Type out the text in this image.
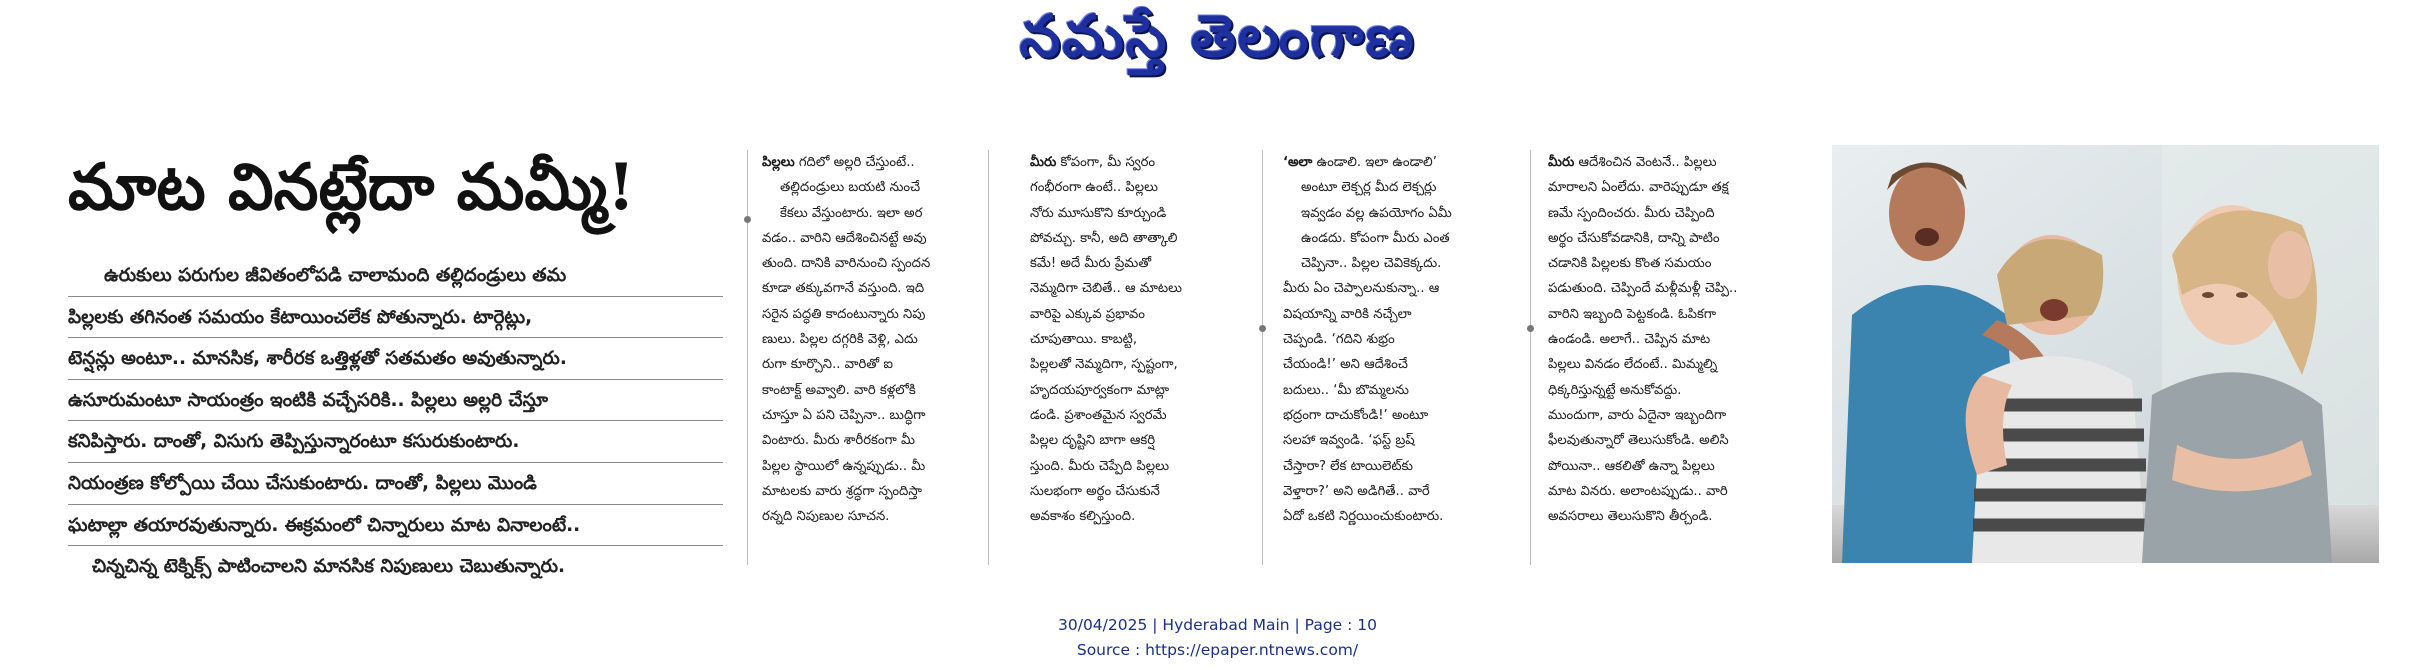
నమస్తే తెలంగాణ
మాట వినట్లేదా మమ్మీ!
ఉరుకులు పరుగుల జీవితంలోపడి చాలామంది తల్లిదండ్రులు తమ
పిల్లలకు తగినంత సమయం కేటాయించలేక పోతున్నారు. టార్గెట్లు,
టెన్షన్లు అంటూ.. మానసిక, శారీరక ఒత్తిళ్లతో సతమతం అవుతున్నారు.
ఉసూరుమంటూ సాయంత్రం ఇంటికి వచ్చేసరికి.. పిల్లలు అల్లరి చేస్తూ
కనిపిస్తారు. దాంతో, విసుగు తెప్పిస్తున్నారంటూ కసురుకుంటారు.
నియంత్రణ కోల్పోయి చేయి చేసుకుంటారు. దాంతో, పిల్లలు మొండి
ఘటాల్లా తయారవుతున్నారు. ఈక్రమంలో చిన్నారులు మాట వినాలంటే..
చిన్నచిన్న టెక్నిక్స్ పాటించాలని మానసిక నిపుణులు చెబుతున్నారు.
పిల్లలు గదిలో అల్లరి చేస్తుంటే..
తల్లిదండ్రులు బయటి నుంచే
కేకలు వేస్తుంటారు. ఇలా అర
వడం.. వారిని ఆదేశించినట్టే అవు
తుంది. దానికి వారినుంచి స్పందన
కూడా తక్కువగానే వస్తుంది. ఇది
సరైన పద్ధతి కాదంటున్నారు నిపు
ణులు. పిల్లల దగ్గరికి వెళ్లి, ఎదు
రుగా కూర్చొని.. వారితో ఐ
కాంటాక్ట్ అవ్వాలి. వారి కళ్లలోకి
చూస్తూ ఏ పని చెప్పినా.. బుద్ధిగా
వింటారు. మీరు శారీరకంగా మీ
పిల్లల స్థాయిలో ఉన్నప్పుడు.. మీ
మాటలకు వారు శ్రద్ధగా స్పందిస్తా
రన్నది నిపుణుల సూచన.
మీరు కోపంగా, మీ స్వరం
గంభీరంగా ఉంటే.. పిల్లలు
నోరు మూసుకొని కూర్చుండి
పోవచ్చు. కానీ, అది తాత్కాలి
కమే! అదే మీరు ప్రేమతో
నెమ్మదిగా చెబితే.. ఆ మాటలు
వారిపై ఎక్కువ ప్రభావం
చూపుతాయి. కాబట్టి,
పిల్లలతో నెమ్మదిగా, స్పష్టంగా,
హృదయపూర్వకంగా మాట్లా
డండి. ప్రశాంతమైన స్వరమే
పిల్లల దృష్టిని బాగా ఆకర్షి
స్తుంది. మీరు చెప్పేది పిల్లలు
సులభంగా అర్థం చేసుకునే
అవకాశం కల్పిస్తుంది.
‘అలా ఉండాలి. ఇలా ఉండాలి’
అంటూ లెక్చర్ల మీద లెక్చర్లు
ఇవ్వడం వల్ల ఉపయోగం ఏమీ
ఉండదు. కోపంగా మీరు ఎంత
చెప్పినా.. పిల్లల చెవికెక్కదు.
మీరు ఏం చెప్పాలనుకున్నా.. ఆ
విషయాన్ని వారికి నచ్చేలా
చెప్పండి. ‘గదిని శుభ్రం
చేయండి!’ అని ఆదేశించే
బదులు.. ‘మీ బొమ్మలను
భద్రంగా దాచుకోండి!’ అంటూ
సలహా ఇవ్వండి. ‘ఫస్ట్ బ్రష్
చేస్తారా? లేక టాయిలెట్‌కు
వెళ్తారా?’ అని అడిగితే.. వారే
ఏదో ఒకటి నిర్ణయించుకుంటారు.
మీరు ఆదేశించిన వెంటనే.. పిల్లలు
మారాలని ఏంలేదు. వారెప్పుడూ తక్ష
ణమే స్పందించరు. మీరు చెప్పింది
అర్థం చేసుకోవడానికి, దాన్ని పాటిం
చడానికి పిల్లలకు కొంత సమయం
పడుతుంది. చెప్పిందే మళ్లీమళ్లీ చెప్పి..
వారిని ఇబ్బంది పెట్టకండి. ఓపికగా
ఉండండి. అలాగే.. చెప్పిన మాట
పిల్లలు వినడం లేదంటే.. మిమ్మల్ని
ధిక్కరిస్తున్నట్టే అనుకోవద్దు.
ముందుగా, వారు ఏదైనా ఇబ్బందిగా
ఫీలవుతున్నారో తెలుసుకోండి. అలిసి
పోయినా.. ఆకలితో ఉన్నా పిల్లలు
మాట వినరు. అలాంటప్పుడు.. వారి
అవసరాలు తెలుసుకొని తీర్చండి.
30/04/2025 | Hyderabad Main | Page : 10
Source : https://epaper.ntnews.com/
